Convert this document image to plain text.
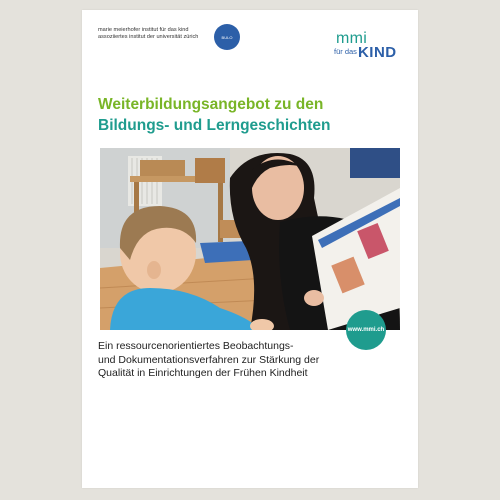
marie meierhofer institut für das kind
assoziiertes institut der universität zürich	BULO	mmi
für das KIND
Weiterbildungsangebot zu den
Bildungs- und Lerngeschichten
www.mmi.ch
Ein ressourcenorientiertes Beobachtungs-
und Dokumentationsverfahren zur Stärkung der
Qualität in Einrichtungen der Frühen Kindheit
